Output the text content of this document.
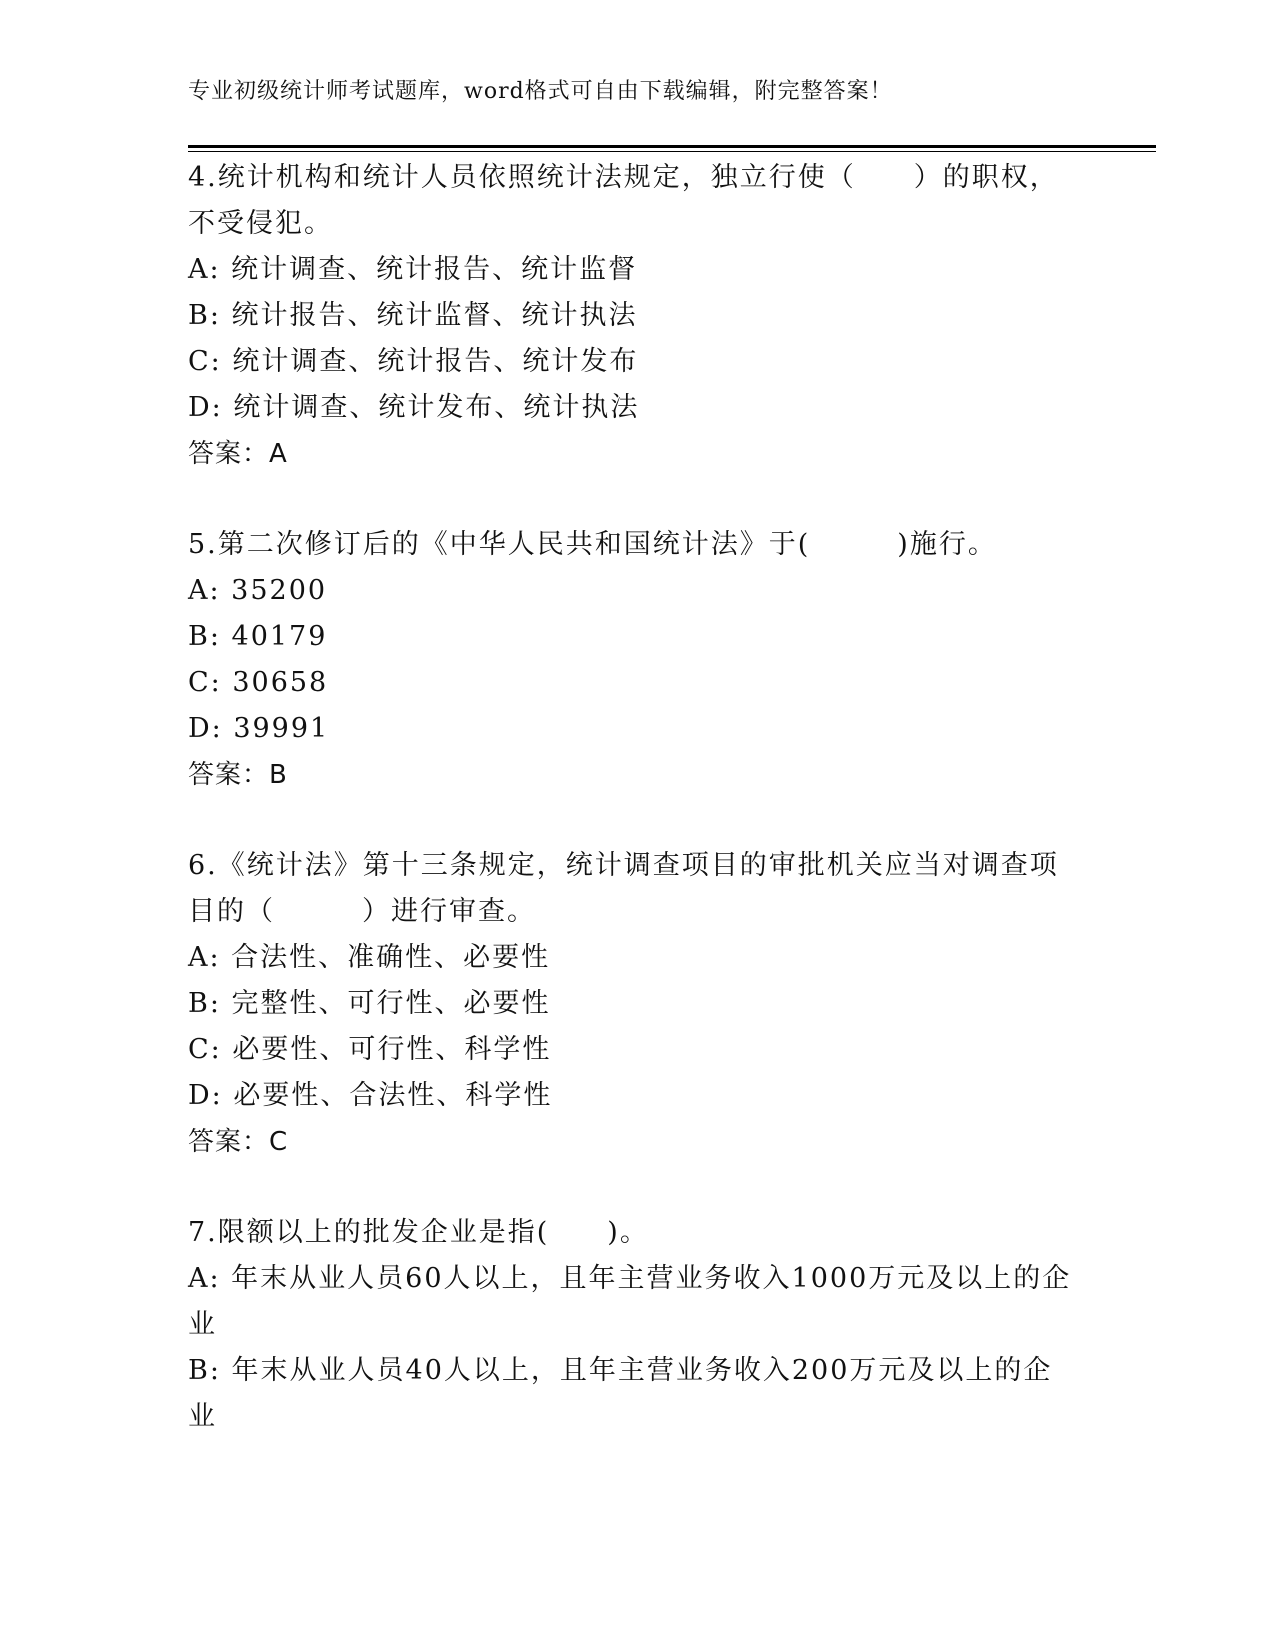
专业初级统计师考试题库，word格式可自由下载编辑，附完整答案！
4.统计机构和统计人员依照统计法规定，独立行使（　　）的职权，
不受侵犯。
A: 统计调查、统计报告、统计监督
B: 统计报告、统计监督、统计执法
C: 统计调查、统计报告、统计发布
D: 统计调查、统计发布、统计执法
答案：A
5.第二次修订后的《中华人民共和国统计法》于(　　　)施行。
A: 35200
B: 40179
C: 30658
D: 39991
答案：B
6.《统计法》第十三条规定，统计调查项目的审批机关应当对调查项
目的（　　　）进行审查。
A: 合法性、准确性、必要性
B: 完整性、可行性、必要性
C: 必要性、可行性、科学性
D: 必要性、合法性、科学性
答案：C
7.限额以上的批发企业是指(　　)。
A: 年末从业人员60人以上，且年主营业务收入1000万元及以上的企
业
B: 年末从业人员40人以上，且年主营业务收入200万元及以上的企
业
